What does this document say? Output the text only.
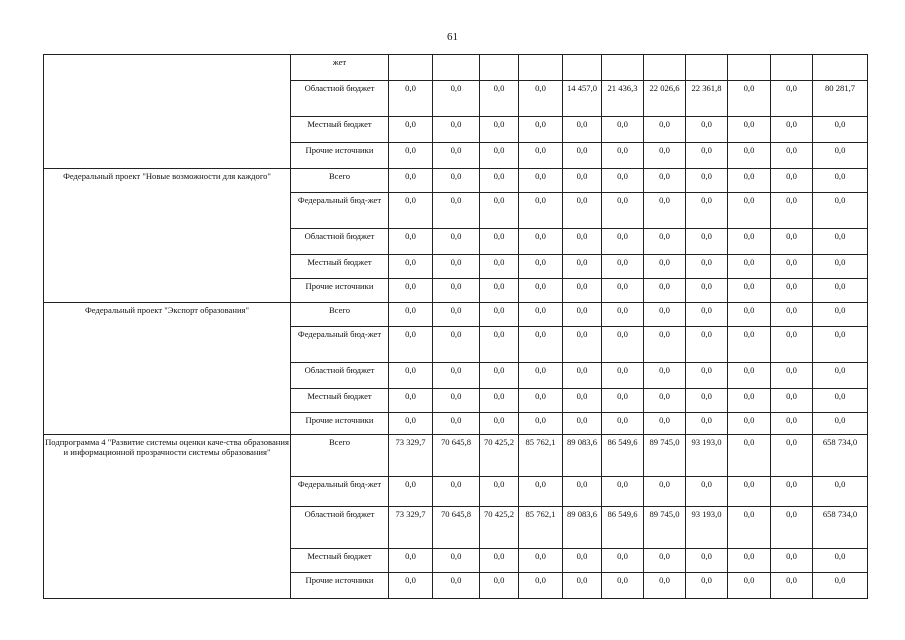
61
	жет											
	Областной бюджет	0,0	0,0	0,0	0,0	14 457,0	21 436,3	22 026,6	22 361,8	0,0	0,0	80 281,7
	Местный бюджет	0,0	0,0	0,0	0,0	0,0	0,0	0,0	0,0	0,0	0,0	0,0
	Прочие источники	0,0	0,0	0,0	0,0	0,0	0,0	0,0	0,0	0,0	0,0	0,0
Федеральный проект "Новые возможности для каждого"	Всего	0,0	0,0	0,0	0,0	0,0	0,0	0,0	0,0	0,0	0,0	0,0
	Федеральный бюд-жет	0,0	0,0	0,0	0,0	0,0	0,0	0,0	0,0	0,0	0,0	0,0
	Областной бюджет	0,0	0,0	0,0	0,0	0,0	0,0	0,0	0,0	0,0	0,0	0,0
	Местный бюджет	0,0	0,0	0,0	0,0	0,0	0,0	0,0	0,0	0,0	0,0	0,0
	Прочие источники	0,0	0,0	0,0	0,0	0,0	0,0	0,0	0,0	0,0	0,0	0,0
Федеральный проект "Экспорт образования"	Всего	0,0	0,0	0,0	0,0	0,0	0,0	0,0	0,0	0,0	0,0	0,0
	Федеральный бюд-жет	0,0	0,0	0,0	0,0	0,0	0,0	0,0	0,0	0,0	0,0	0,0
	Областной бюджет	0,0	0,0	0,0	0,0	0,0	0,0	0,0	0,0	0,0	0,0	0,0
	Местный бюджет	0,0	0,0	0,0	0,0	0,0	0,0	0,0	0,0	0,0	0,0	0,0
	Прочие источники	0,0	0,0	0,0	0,0	0,0	0,0	0,0	0,0	0,0	0,0	0,0
Подпрограмма 4 "Развитие системы оценки каче-ства образования и информационной прозрачности системы образования"	Всего	73 329,7	70 645,8	70 425,2	85 762,1	89 083,6	86 549,6	89 745,0	93 193,0	0,0	0,0	658 734,0
	Федеральный бюд-жет	0,0	0,0	0,0	0,0	0,0	0,0	0,0	0,0	0,0	0,0	0,0
	Областной бюджет	73 329,7	70 645,8	70 425,2	85 762,1	89 083,6	86 549,6	89 745,0	93 193,0	0,0	0,0	658 734,0
	Местный бюджет	0,0	0,0	0,0	0,0	0,0	0,0	0,0	0,0	0,0	0,0	0,0
	Прочие источники	0,0	0,0	0,0	0,0	0,0	0,0	0,0	0,0	0,0	0,0	0,0
